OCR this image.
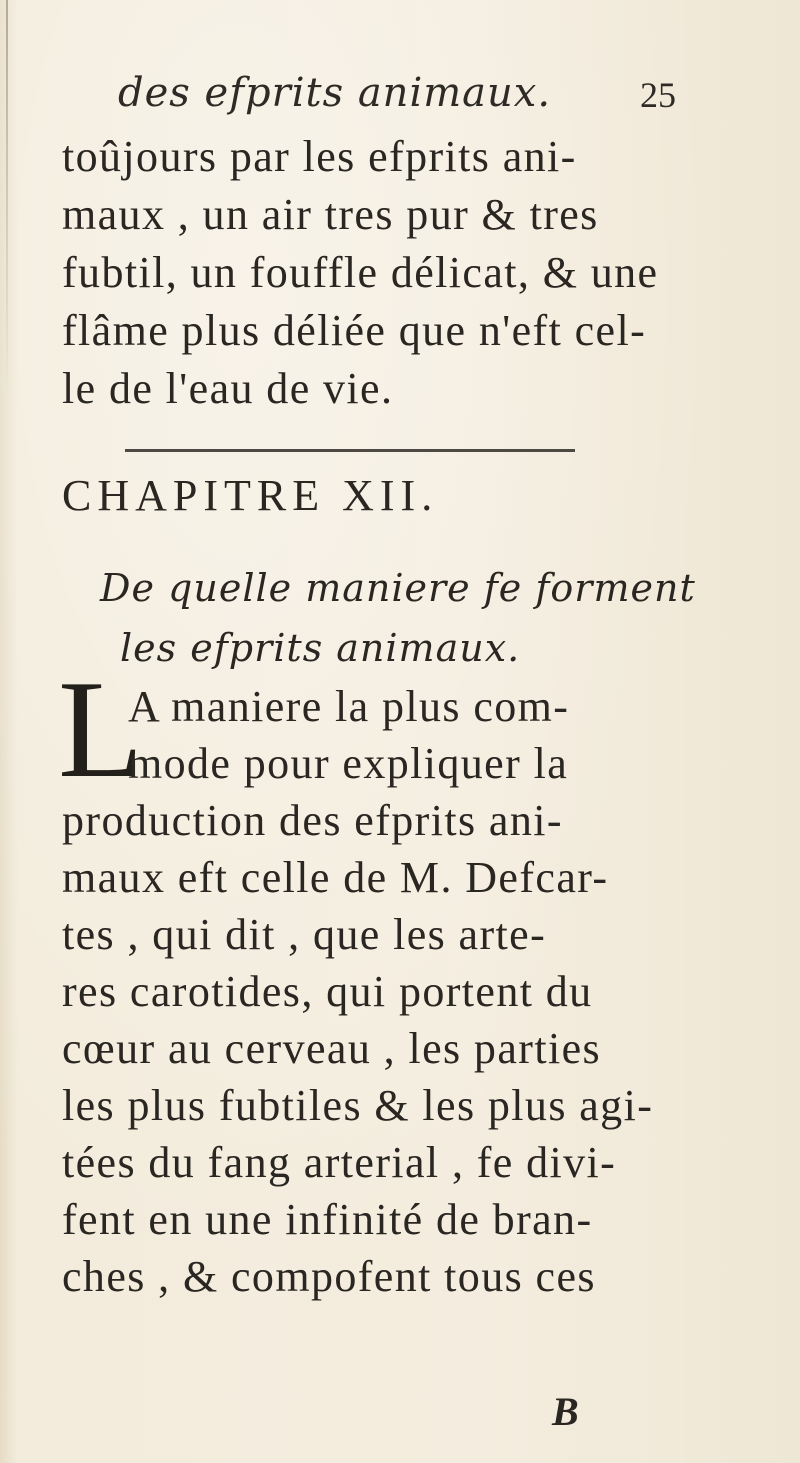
des efprits animaux. 25
toûjours par les efprits ani-
maux , un air tres pur & tres
fubtil, un fouffle délicat, & une
flâme plus déliée que n'eft cel-
le de l'eau de vie.
CHAPITRE XII.
De quelle maniere fe forment
les efprits animaux.
L
A maniere la plus com-
mode pour expliquer la
production des efprits ani-
maux eft celle de M. Defcar-
tes , qui dit , que les arte-
res carotides, qui portent du
cœur au cerveau , les parties
les plus fubtiles & les plus agi-
tées du fang arterial , fe divi-
fent en une infinité de bran-
ches , & compofent tous ces
B
